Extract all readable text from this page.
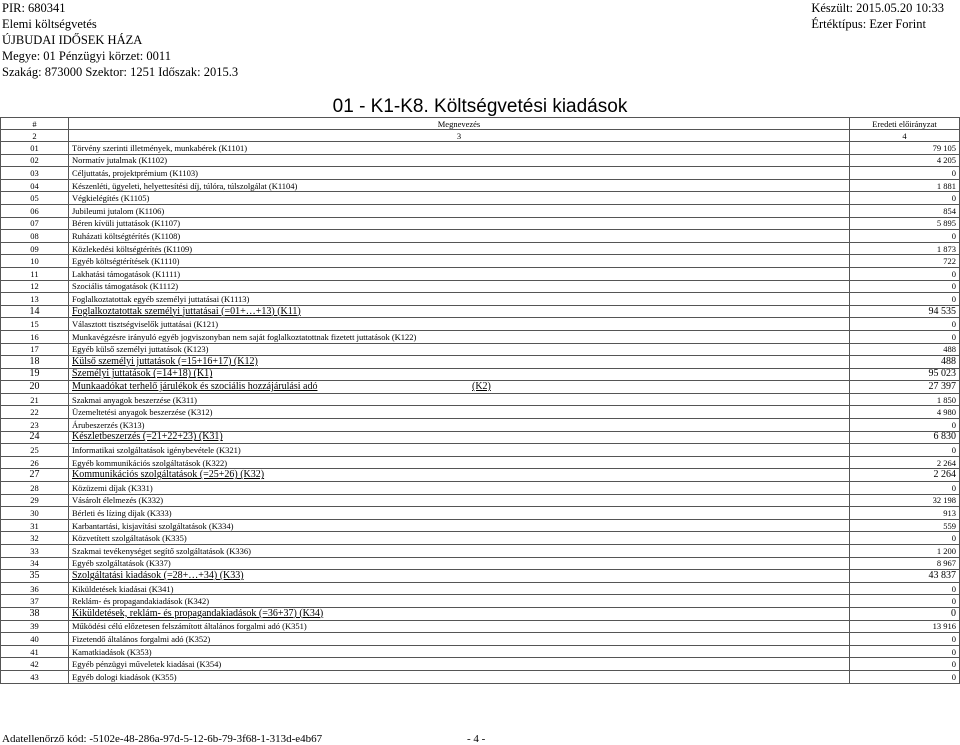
PIR: 680341
Elemi költségvetés
ÚJBUDAI IDŐSEK HÁZA
Megye: 01 Pénzügyi körzet: 0011
Szakág: 873000 Szektor: 1251 Időszak: 2015.3
Készült: 2015.05.20 10:33
Értéktípus: Ezer Forint
01 - K1-K8. Költségvetési kiadások
#	Megnevezés	Eredeti előirányzat
2	3	4
01	Törvény szerinti illetmények, munkabérek (K1101)	79 105
02	Normatív jutalmak (K1102)	4 205
03	Céljuttatás, projektprémium (K1103)	0
04	Készenléti, ügyeleti, helyettesítési díj, túlóra, túlszolgálat (K1104)	1 881
05	Végkielégítés (K1105)	0
06	Jubileumi jutalom (K1106)	854
07	Béren kívüli juttatások (K1107)	5 895
08	Ruházati költségtérítés (K1108)	0
09	Közlekedési költségtérítés (K1109)	1 873
10	Egyéb költségtérítések (K1110)	722
11	Lakhatási támogatások (K1111)	0
12	Szociális támogatások (K1112)	0
13	Foglalkoztatottak egyéb személyi juttatásai (K1113)	0
14	Foglalkoztatottak személyi juttatásai (=01+…+13) (K11)	94 535
15	Választott tisztségviselők juttatásai (K121)	0
16	Munkavégzésre irányuló egyéb jogviszonyban nem saját foglalkoztatottnak fizetett juttatások (K122)	0
17	Egyéb külső személyi juttatások (K123)	488
18	Külső személyi juttatások (=15+16+17) (K12)	488
19	Személyi juttatások (=14+18) (K1)	95 023
20	Munkaadókat terhelő járulékok és szociális hozzájárulási adó (K2)	27 397
21	Szakmai anyagok beszerzése (K311)	1 850
22	Üzemeltetési anyagok beszerzése (K312)	4 980
23	Árubeszerzés (K313)	0
24	Készletbeszerzés (=21+22+23) (K31)	6 830
25	Informatikai szolgáltatások igénybevétele (K321)	0
26	Egyéb kommunikációs szolgáltatások (K322)	2 264
27	Kommunikációs szolgáltatások (=25+26) (K32)	2 264
28	Közüzemi díjak (K331)	0
29	Vásárolt élelmezés (K332)	32 198
30	Bérleti és lízing díjak (K333)	913
31	Karbantartási, kisjavítási szolgáltatások (K334)	559
32	Közvetített szolgáltatások (K335)	0
33	Szakmai tevékenységet segítő szolgáltatások (K336)	1 200
34	Egyéb szolgáltatások (K337)	8 967
35	Szolgáltatási kiadások (=28+…+34) (K33)	43 837
36	Kiküldetések kiadásai (K341)	0
37	Reklám- és propagandakiadások (K342)	0
38	Kiküldetések, reklám- és propagandakiadások (=36+37) (K34)	0
39	Működési célú előzetesen felszámított általános forgalmi adó (K351)	13 916
40	Fizetendő általános forgalmi adó (K352)	0
41	Kamatkiadások (K353)	0
42	Egyéb pénzügyi műveletek kiadásai (K354)	0
43	Egyéb dologi kiadások (K355)	0
Adatellenőrző kód: -5102e-48-286a-97d-5-12-6b-79-3f68-1-313d-e4b67	- 4 -
